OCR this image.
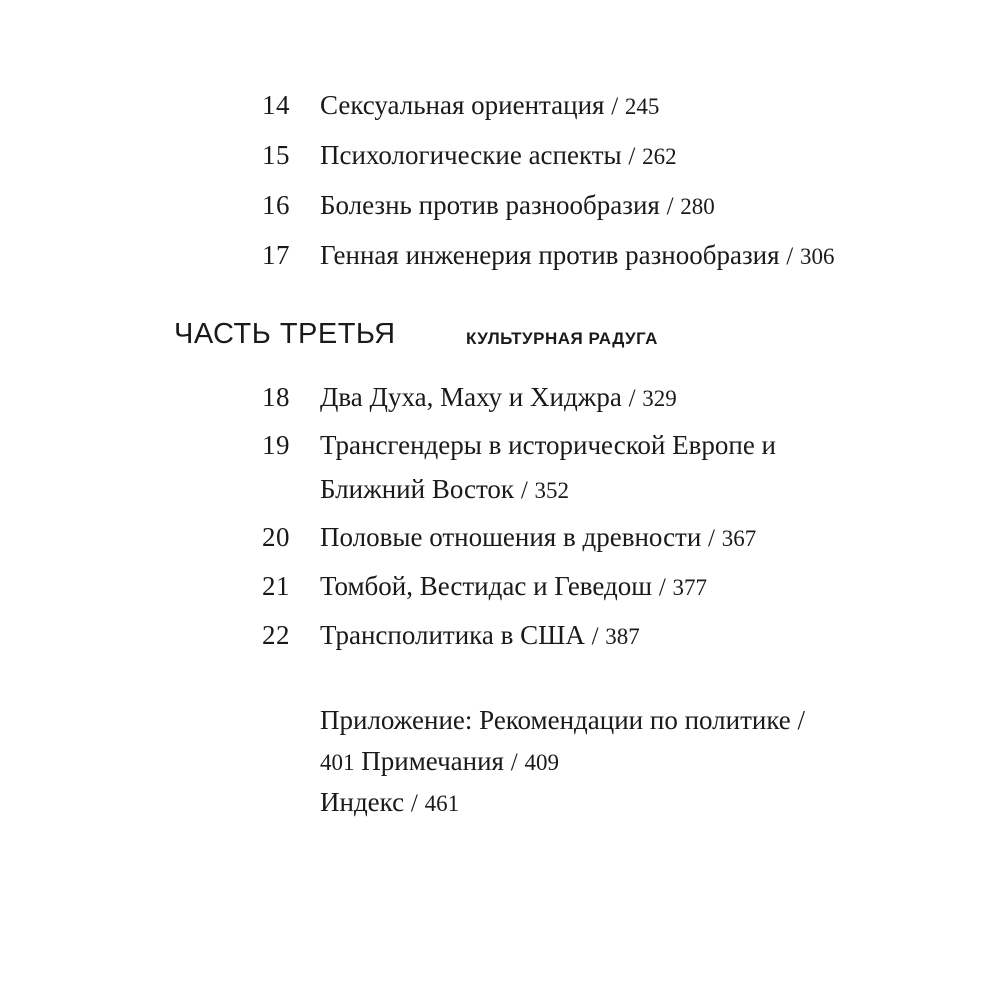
14 Сексуальная ориентация / 245
15 Психологические аспекты / 262
16 Болезнь против разнообразия / 280
17 Генная инженерия против разнообразия / 306
ЧАСТЬ ТРЕТЬЯ	КУЛЬТУРНАЯ РАДУГА
18 Два Духа, Маху и Хиджра / 329
19 Трансгендеры в исторической Европе и
Ближний Восток / 352
20 Половые отношения в древности / 367
21 Томбой, Вестидас и Геведош / 377
22 Транcполитика в США / 387
Приложение: Рекомендации по политике /
401 Примечания / 409
Индекс / 461
